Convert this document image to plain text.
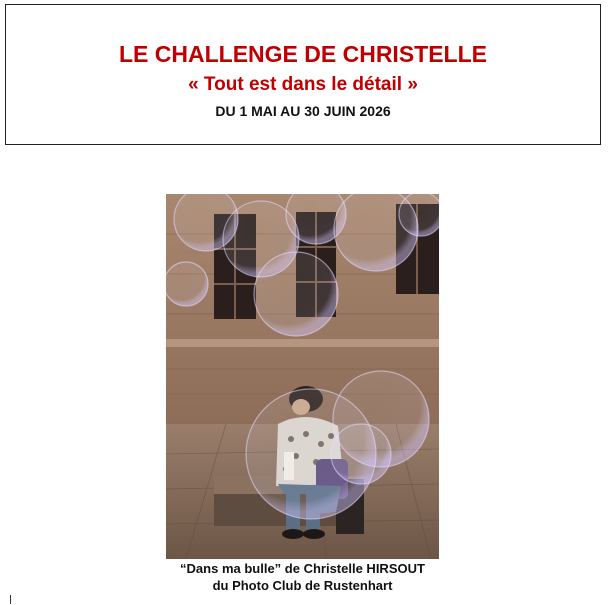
LE CHALLENGE DE CHRISTELLE
« Tout est dans le détail »
DU 1 MAI AU 30 JUIN 2026
“Dans ma bulle” de Christelle HIRSOUT
du Photo Club de Rustenhart
